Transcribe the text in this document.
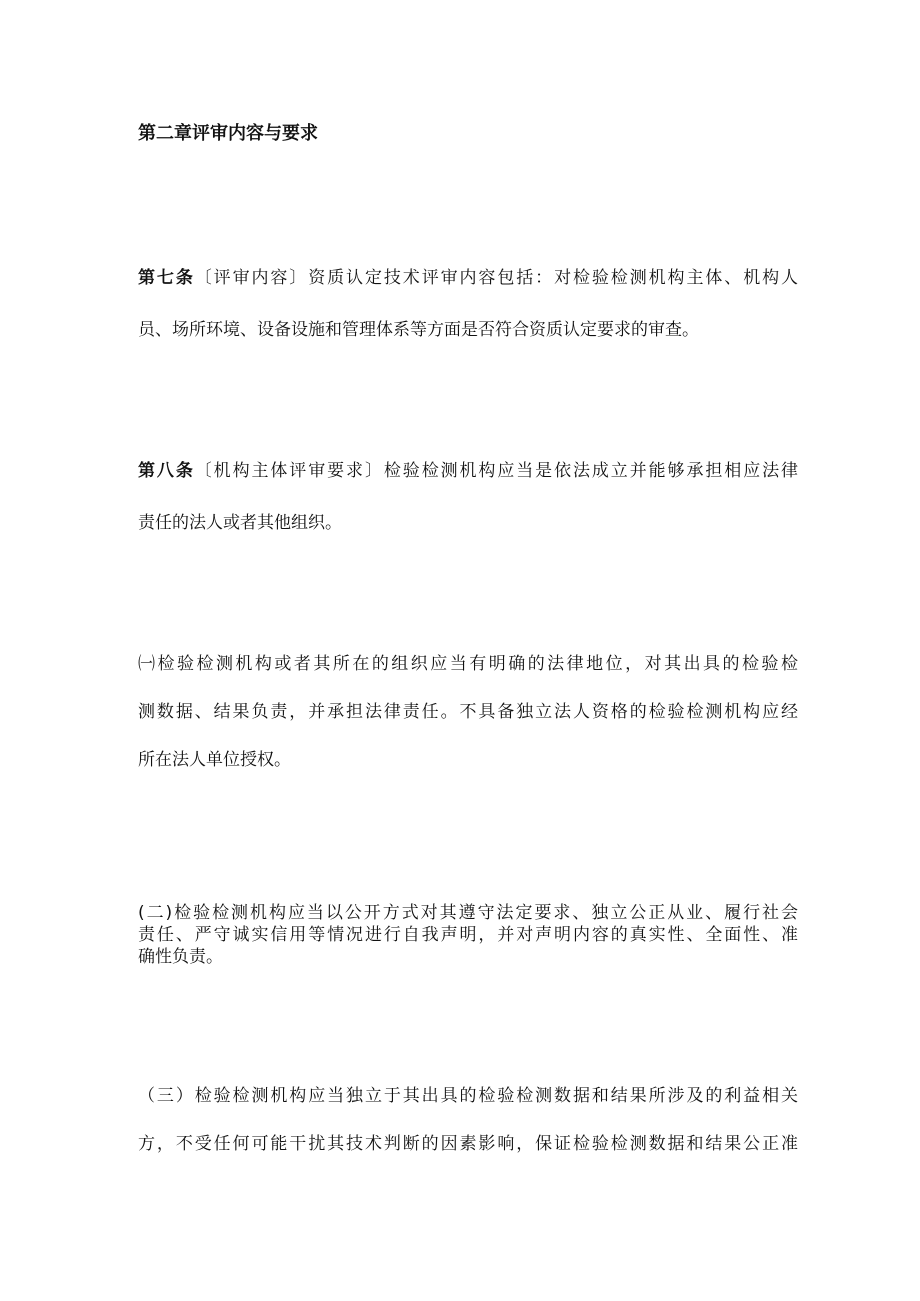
第二章评审内容与要求
第七条〔评审内容〕资质认定技术评审内容包括：对检验检测机构主体、机构人
员、场所环境、设备设施和管理体系等方面是否符合资质认定要求的审查。
第八条〔机构主体评审要求〕检验检测机构应当是依法成立并能够承担相应法律
责任的法人或者其他组织。
㈠检验检测机构或者其所在的组织应当有明确的法律地位，对其出具的检验检
测数据、结果负责，并承担法律责任。不具备独立法人资格的检验检测机构应经
所在法人单位授权。
(二)检验检测机构应当以公开方式对其遵守法定要求、独立公正从业、履行社会
责任、严守诚实信用等情况进行自我声明，并对声明内容的真实性、全面性、准
确性负责。
（三）检验检测机构应当独立于其出具的检验检测数据和结果所涉及的利益相关
方，不受任何可能干扰其技术判断的因素影响，保证检验检测数据和结果公正准
